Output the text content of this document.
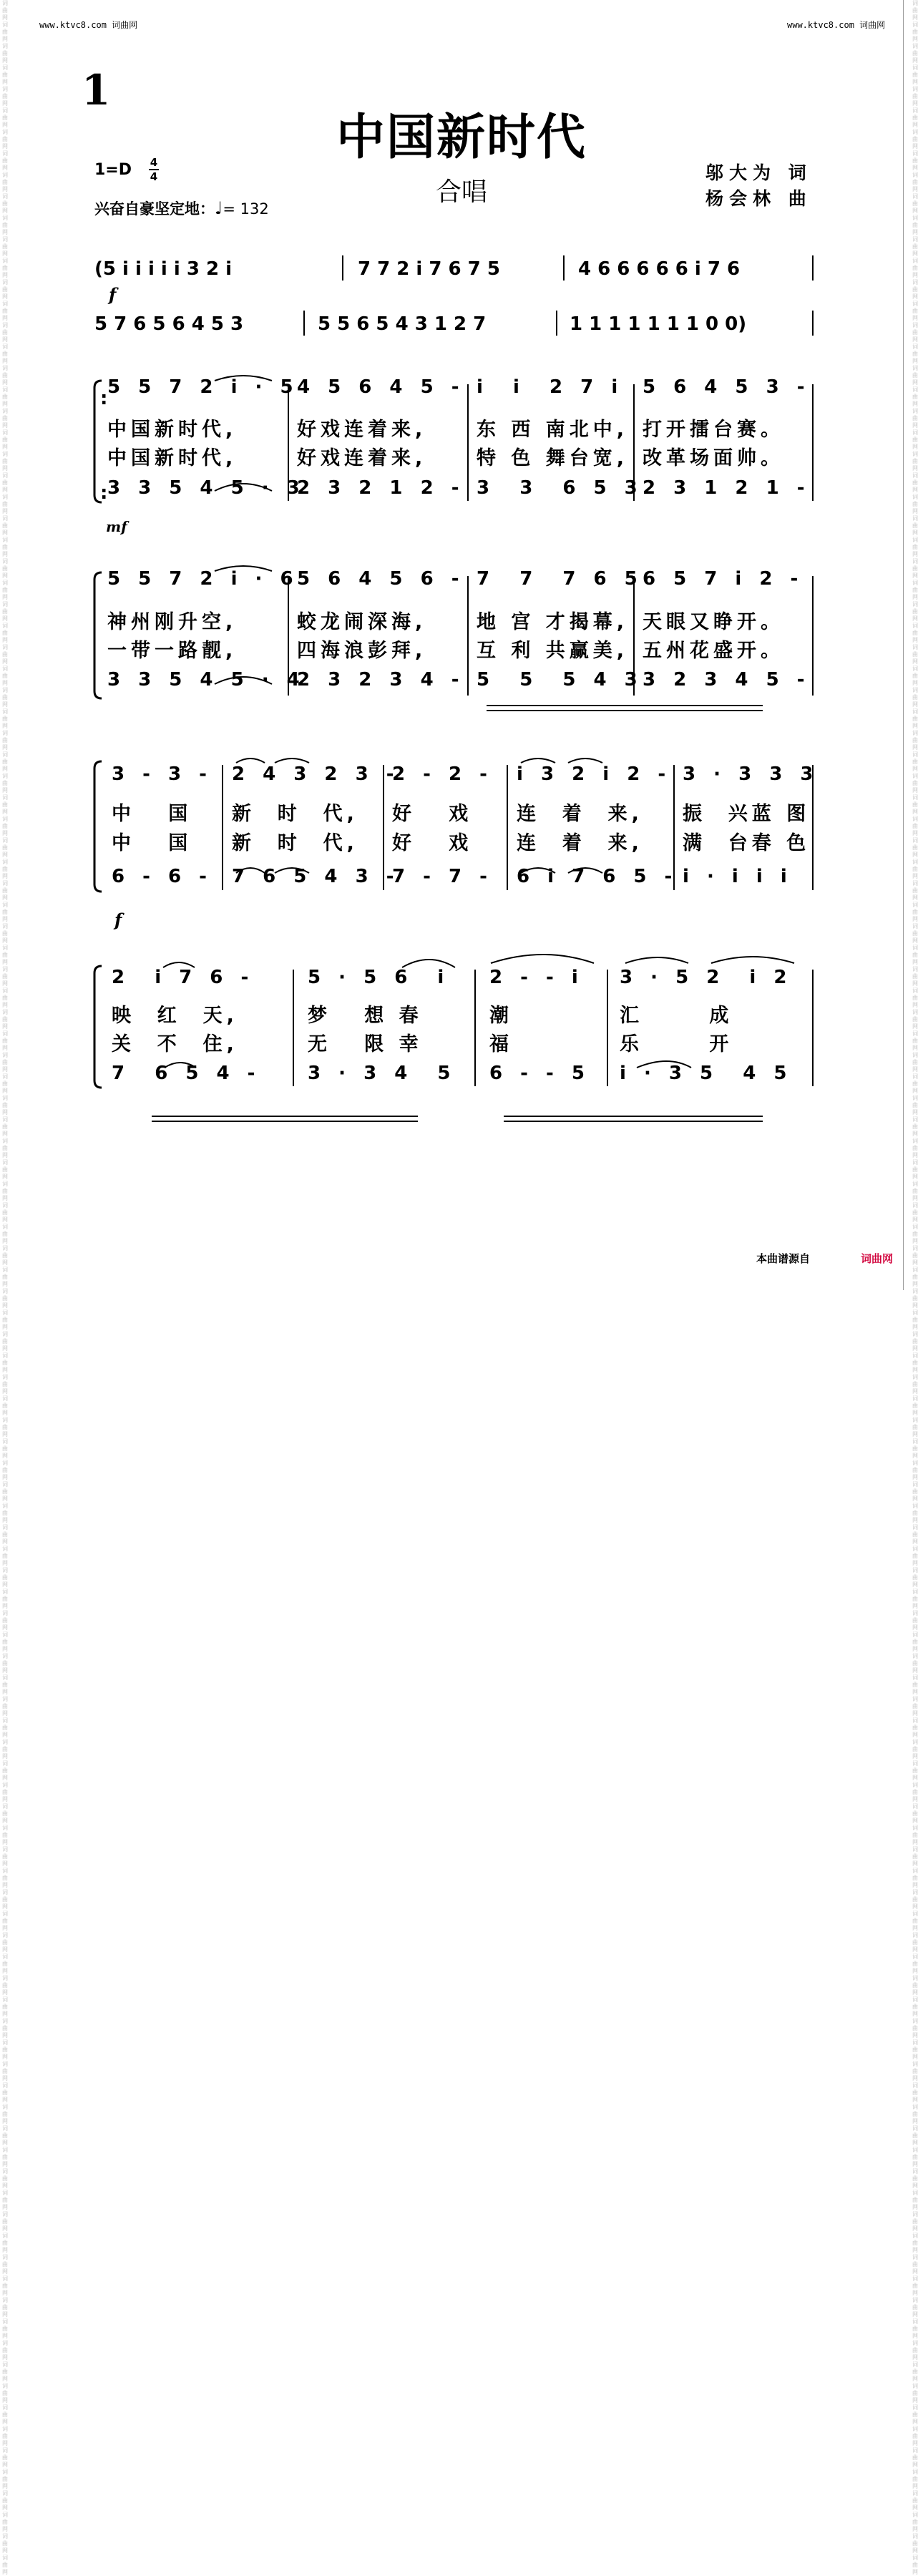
www.ktvc8.com 词曲网	www.ktvc8.com 词曲网
词曲网 词曲网 词曲网 词曲网 词曲网 词曲网 词曲网 词曲网 词曲网 词曲网 词曲网 词曲网 词曲网 词曲网 词曲网 词曲网 词曲网 词曲网 词曲网 词曲网 词曲网 词曲网 词曲网 词曲网 词曲网 词曲网 词曲网 词曲网 词曲网 词曲网 词曲网 词曲网 词曲网 词曲网 词曲网 词曲网 词曲网 词曲网 词曲网 词曲网 词曲网 词曲网 词曲网 词曲网 词曲网 词曲网 词曲网 词曲网 词曲网 词曲网 词曲网 词曲网 词曲网 词曲网 词曲网 词曲网 词曲网 词曲网 词曲网 词曲网 词曲网 词曲网 词曲网 词曲网 词曲网 词曲网 词曲网 词曲网 词曲网 词曲网 词曲网 词曲网 词曲网 词曲网 词曲网 词曲网 词曲网 词曲网 词曲网 词曲网 词曲网 词曲网 词曲网 词曲网 词曲网 词曲网 词曲网 词曲网 词曲网 词曲网 词曲网 词曲网 词曲网 词曲网 词曲网 词曲网 词曲网 词曲网 词曲网 词曲网 词曲网 词曲网 词曲网 词曲网 词曲网 词曲网 词曲网 词曲网 词曲网 词曲网 词曲网 词曲网 词曲网 词曲网 词曲网 词曲网 词曲网 词曲网 词曲网 词曲网
词曲网 词曲网 词曲网 词曲网 词曲网 词曲网 词曲网 词曲网 词曲网 词曲网 词曲网 词曲网 词曲网 词曲网 词曲网 词曲网 词曲网 词曲网 词曲网 词曲网 词曲网 词曲网 词曲网 词曲网 词曲网 词曲网 词曲网 词曲网 词曲网 词曲网 词曲网 词曲网 词曲网 词曲网 词曲网 词曲网 词曲网 词曲网 词曲网 词曲网 词曲网 词曲网 词曲网 词曲网 词曲网 词曲网 词曲网 词曲网 词曲网 词曲网 词曲网 词曲网 词曲网 词曲网 词曲网 词曲网 词曲网 词曲网 词曲网 词曲网 词曲网 词曲网 词曲网 词曲网 词曲网 词曲网 词曲网 词曲网 词曲网 词曲网 词曲网 词曲网 词曲网 词曲网 词曲网 词曲网 词曲网 词曲网 词曲网 词曲网 词曲网 词曲网 词曲网 词曲网 词曲网 词曲网 词曲网 词曲网 词曲网 词曲网 词曲网 词曲网 词曲网 词曲网 词曲网 词曲网 词曲网 词曲网 词曲网 词曲网 词曲网 词曲网 词曲网 词曲网 词曲网 词曲网 词曲网 词曲网 词曲网 词曲网 词曲网 词曲网 词曲网 词曲网 词曲网 词曲网 词曲网 词曲网 词曲网 词曲网
1
中国新时代
合唱
1=D 4
4
兴奋自豪坚定地：♩= 132
邬大为 词
杨会林 曲
(5 i i i i i 3 2 i	7 7 2 i 7 6 7 5	4 6 6 6 6 6 i 7 6
5 7 6 5 6 4 5 3	5 5 6 5 4 3 1 2 7	1 1 1 1 1 1 1 0 0)
f
mf
f
:
:
5 5 7 2 i · 5
4 5 6 4 5 - i  i  2 7 i 5 6 4 5 3 -
中国新时代,	好戏连着来,	东 西 南北中, 打开擂台赛。
中国新时代,	好戏连着来,	特 色 舞台宽, 改革场面帅。
3 3 5 4 5 · 3
2 3 2 1 2 - 3  3  6 5 3 2 3 1 2 1 -
5 5 7 2 i · 6
5 6 4 5 6 - 7  7  7 6 5 6 5 7 i 2 -
神州刚升空,	蛟龙闹深海,	地 宫 才揭幕, 天眼又睁开。
一带一路靓,	四海浪彭拜,	互 利 共赢美, 五州花盛开。
3 3 5 4 5 · 4
2 3 2 3 4 - 5  5  5 4 3 3 2 3 4 5 -
3 - 3 - 2 4 3 2 3 -
2 - 2 - i 3 2 i 2 - 3 · 3 3 3
中   国 新  时  代, 好   戏 连  着  来, 振  兴蓝 图
中   国 新  时  代, 好   戏 连  着  来, 满  台春 色
6 - 6 - 7 6 5 4 3 -
7 - 7 - 6 i 7 6 5 - i · i i i
2  i 7 6 -	5 · 5 6  i 2 - - i 3 · 5 2  i 2
映  红  天,	梦   想 春	潮	汇      成
关  不  住,	无   限 幸	福	乐      开
7  6 5 4 -	3 · 3 4  5 6 - - 5 i · 3 5  4 5
本曲谱源自	词曲网
